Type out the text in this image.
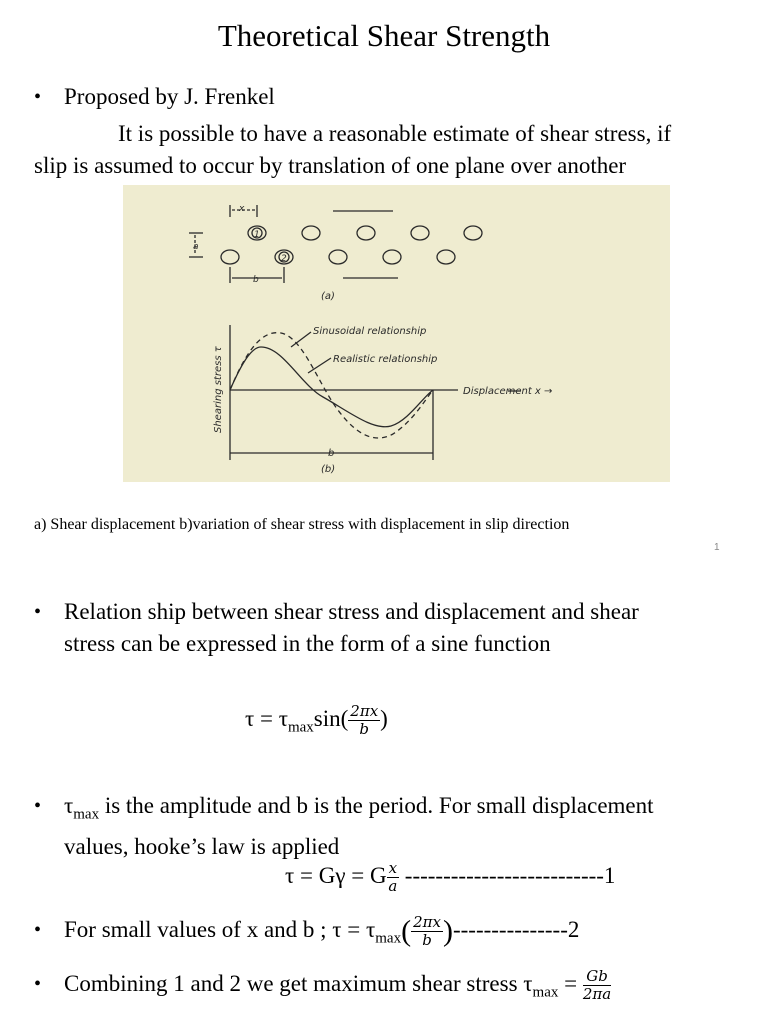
Theoretical Shear Strength
• Proposed by J. Frenkel
It is possible to have a reasonable estimate of shear stress, if
slip is assumed to occur by translation of one plane over another
1
2
x
a
b
(a)
Sinusoidal relationship
Realistic relationship
Displacement x →
b
(b)
Shearing stress τ
a) Shear displacement b)variation of shear stress with displacement in slip direction
1
• Relation ship between shear stress and displacement and shear
stress can be expressed in the form of a sine function
$\tau = \tau_{max}\sin( \frac{2\pi x}{b}$ )
• $\tau_{max}$ is the amplitude and b is the period. For small displacement
values, hooke’s law is applied
τ = Gγ = G $\frac{x}{a} --------------------------1$
• For small values of x and b ; $\tau = \tau_{max}( \frac{2\pi x}{b} )---------------2$
• Combining 1 and 2 we get maximum shear stress $\tau_{max} = \frac{Gb}{2\pi a}$
